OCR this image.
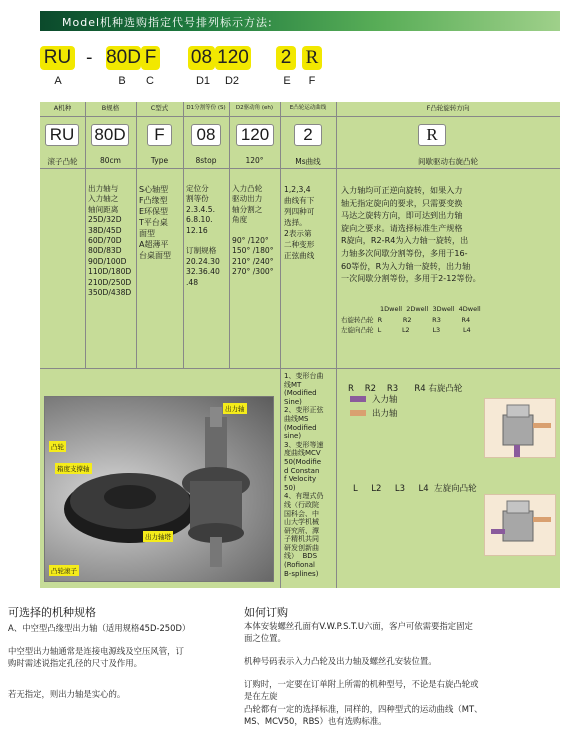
Model机种选购指定代号排列标示方法:
RU - 80D F 08 120 2 R
A	B C	D1 D2	E F
A机种	B规格	C型式	D1分割等份 (S)	D2驱动角 (eh)	E凸轮运动曲线	F凸轮旋转方向
RU 80D	F	08	120	2	R
滚子凸轮	80cm	Type	8stop	120°	Ms曲线	间歇驱动右旋凸轮
出力轴与
入力轴之
轴间距离
25D/32D
38D/45D
60D/70D
80D/83D
90D/100D
110D/180D
210D/250D
350D/438D
S心轴型
F凸缘型
E环保型
T平台桌
面型
A超薄平
台桌面型
定位分
割等份
2.3.4.5.
6.8.10.
12.16

订制规格
20.24.30
32.36.40
.48
入力凸轮
驱动出力
轴分割之
角度

90° /120°
150° /180°
210° /240°
270° /300°
1,2,3,4
曲线有下
列四种可
选择。
2表示第
二种变形
正弦曲线
入力轴均可正逆向旋转，如果入力
轴无指定旋向的要求，只需要变换
马达之旋转方向，即可达到出力轴
旋向之要求。请选择标准生产规格
R旋向，R2-R4为入力轴一旋转，出
力轴多次间歇分割等份，多用于16-
60等份，R为入力轴一旋转，出力轴
一次间歇分割等份，多用于2-12等份。
1Dwell 2Dwell 3Dwell 4Dwell
右旋转凸轮 R	R2	R3	R4
左旋向凸轮 L	L2	L3	L4
出力轴
凸轮
箱度支撑轴
凸轮滚子
出力轴塔
1、变形台曲
线MT
(Modified
Sine)
2、变形正弦
曲线MS
(Modified
sine)
3、变形等速
度曲线MCV
50(Modifie
d Constan
f Velocity
50)
4、有理式仍
线（行政院
国科会、中
山大学机械
研究所、潭
子精机共同
研发创新曲
线）  BDS
(Rofional
B-splines)
R    R2    R3      R4 右旋凸轮
入力轴
出力轴
L     L2     L3     L4 左旋向凸轮
可选择的机种规格
A、中空型凸缘型出力轴（适用规格45D-250D）
中空型出力轴通常是连接电源线及空压风管，订
购时需述说指定孔径的尺寸及作用。
若无指定，则出力轴是实心的。
如何订购
本体安装螺丝孔面有V.W.P.S.T.U六面，客户可依需要指定固定
面之位置。
机种号码表示入力凸轮及出力轴及螺丝孔安装位置。
订购时，一定要在订单附上所需的机种型号，不论是右旋凸轮或
是在左旋
凸轮都有一定的选择标准，同样的，四种型式的运动曲线（MT、
MS、MCV50，RBS）也有选购标准。
